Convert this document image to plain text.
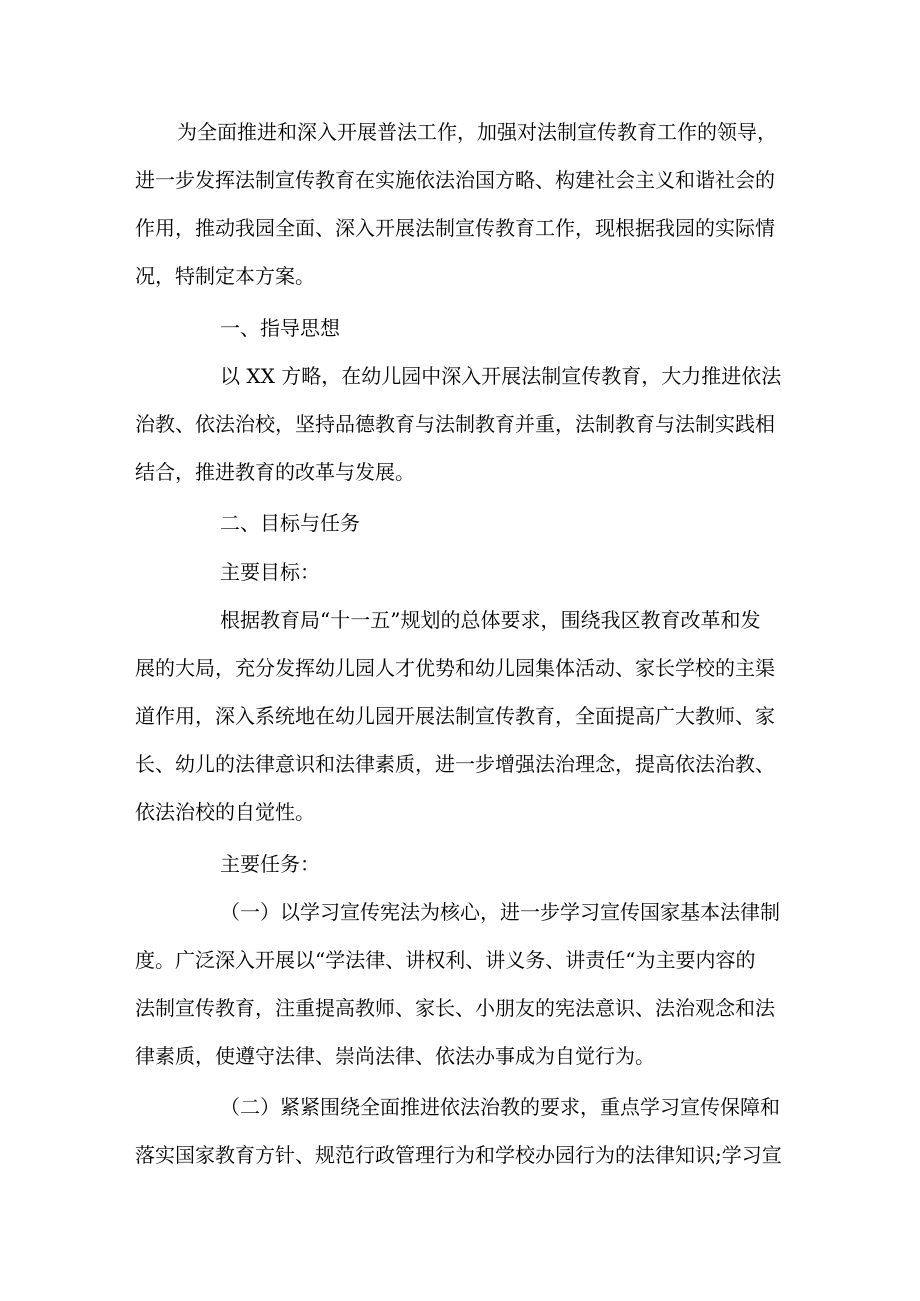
为全面推进和深入开展普法工作，加强对法制宣传教育工作的领导，
进一步发挥法制宣传教育在实施依法治国方略、构建社会主义和谐社会的
作用，推动我园全面、深入开展法制宣传教育工作，现根据我园的实际情
况，特制定本方案。
一、指导思想
以 XX 方略，在幼儿园中深入开展法制宣传教育，大力推进依法
治教、依法治校，坚持品德教育与法制教育并重，法制教育与法制实践相
结合，推进教育的改革与发展。
二、目标与任务
主要目标：
根据教育局“十一五”规划的总体要求，围绕我区教育改革和发
展的大局，充分发挥幼儿园人才优势和幼儿园集体活动、家长学校的主渠
道作用，深入系统地在幼儿园开展法制宣传教育，全面提高广大教师、家
长、幼儿的法律意识和法律素质，进一步增强法治理念，提高依法治教、
依法治校的自觉性。
主要任务：
（一）以学习宣传宪法为核心，进一步学习宣传国家基本法律制
度。广泛深入开展以“学法律、讲权利、讲义务、讲责任“为主要内容的
法制宣传教育，注重提高教师、家长、小朋友的宪法意识、法治观念和法
律素质，使遵守法律、崇尚法律、依法办事成为自觉行为。
（二）紧紧围绕全面推进依法治教的要求，重点学习宣传保障和
落实国家教育方针、规范行政管理行为和学校办园行为的法律知识;学习宣
